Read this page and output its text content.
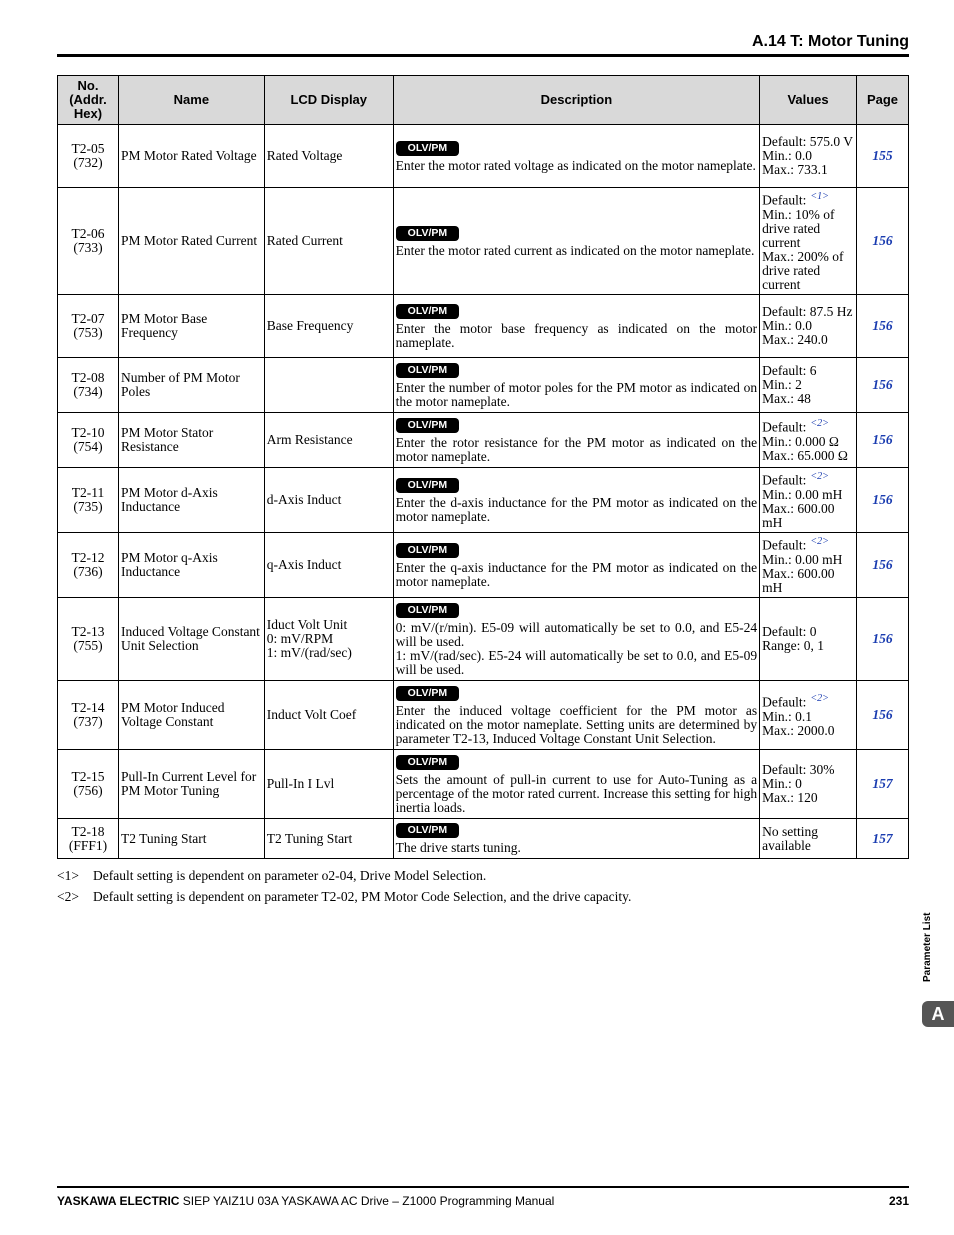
A.14 T: Motor Tuning
No.
(Addr.
Hex)	Name	LCD Display	Description	Values	Page

T2-05
(732)	PM Motor Rated Voltage	Rated Voltage	OLV/PM
Enter the motor rated voltage as indicated on the motor nameplate.	Default: 575.0 V
Min.: 0.0
Max.: 733.1	155

T2-06
(733)	PM Motor Rated Current	Rated Current	OLV/PM
Enter the motor rated current as indicated on the motor nameplate.	Default: $^{<1>}$
Min.: 10% of drive rated current
Max.: 200% of drive rated current	156

T2-07
(753)	PM Motor Base Frequency	Base Frequency	OLV/PM
Enter the motor base frequency as indicated on the motor nameplate.	Default: 87.5 Hz
Min.: 0.0
Max.: 240.0	156

T2-08
(734)	Number of PM Motor Poles		OLV/PM
Enter the number of motor poles for the PM motor as indicated on the motor nameplate.	Default: 6
Min.: 2
Max.: 48	156

T2-10
(754)	PM Motor Stator Resistance	Arm Resistance	OLV/PM
Enter the rotor resistance for the PM motor as indicated on the motor nameplate.	Default: $^{<2>}$
Min.: 0.000 Ω
Max.: 65.000 Ω	156

T2-11
(735)	PM Motor d-Axis Inductance	d-Axis Induct	OLV/PM
Enter the d-axis inductance for the PM motor as indicated on the motor nameplate.	Default: $^{<2>}$
Min.: 0.00 mH
Max.: 600.00 mH	156

T2-12
(736)	PM Motor q-Axis Inductance	q-Axis Induct	OLV/PM
Enter the q-axis inductance for the PM motor as indicated on the motor nameplate.	Default: $^{<2>}$
Min.: 0.00 mH
Max.: 600.00 mH	156

T2-13
(755)	Induced Voltage Constant Unit Selection	Iduct Volt Unit
0: mV/RPM
1: mV/(rad/sec)	OLV/PM
0: mV/(r/min). E5-09 will automatically be set to 0.0, and E5-24 will be used.
1: mV/(rad/sec). E5-24 will automatically be set to 0.0, and E5-09 will be used.	Default: 0
Range: 0, 1	156

T2-14
(737)	PM Motor Induced Voltage Constant	Induct Volt Coef	OLV/PM
Enter the induced voltage coefficient for the PM motor as indicated on the motor nameplate. Setting units are determined by parameter T2-13, Induced Voltage Constant Unit Selection.	Default: $^{<2>}$
Min.: 0.1
Max.: 2000.0	156

T2-15
(756)	Pull-In Current Level for PM Motor Tuning	Pull-In I Lvl	OLV/PM
Sets the amount of pull-in current to use for Auto-Tuning as a percentage of the motor rated current. Increase this setting for high inertia loads.	Default: 30%
Min.: 0
Max.: 120	157

T2-18
(FFF1)	T2 Tuning Start	T2 Tuning Start	OLV/PM
The drive starts tuning.	No setting available	157
<1>	Default setting is dependent on parameter o2-04, Drive Model Selection.
<2>	Default setting is dependent on parameter T2-02, PM Motor Code Selection, and the drive capacity.
Parameter List
A
YASKAWA ELECTRIC SIEP YAIZ1U 03A YASKAWA AC Drive – Z1000 Programming Manual	231
